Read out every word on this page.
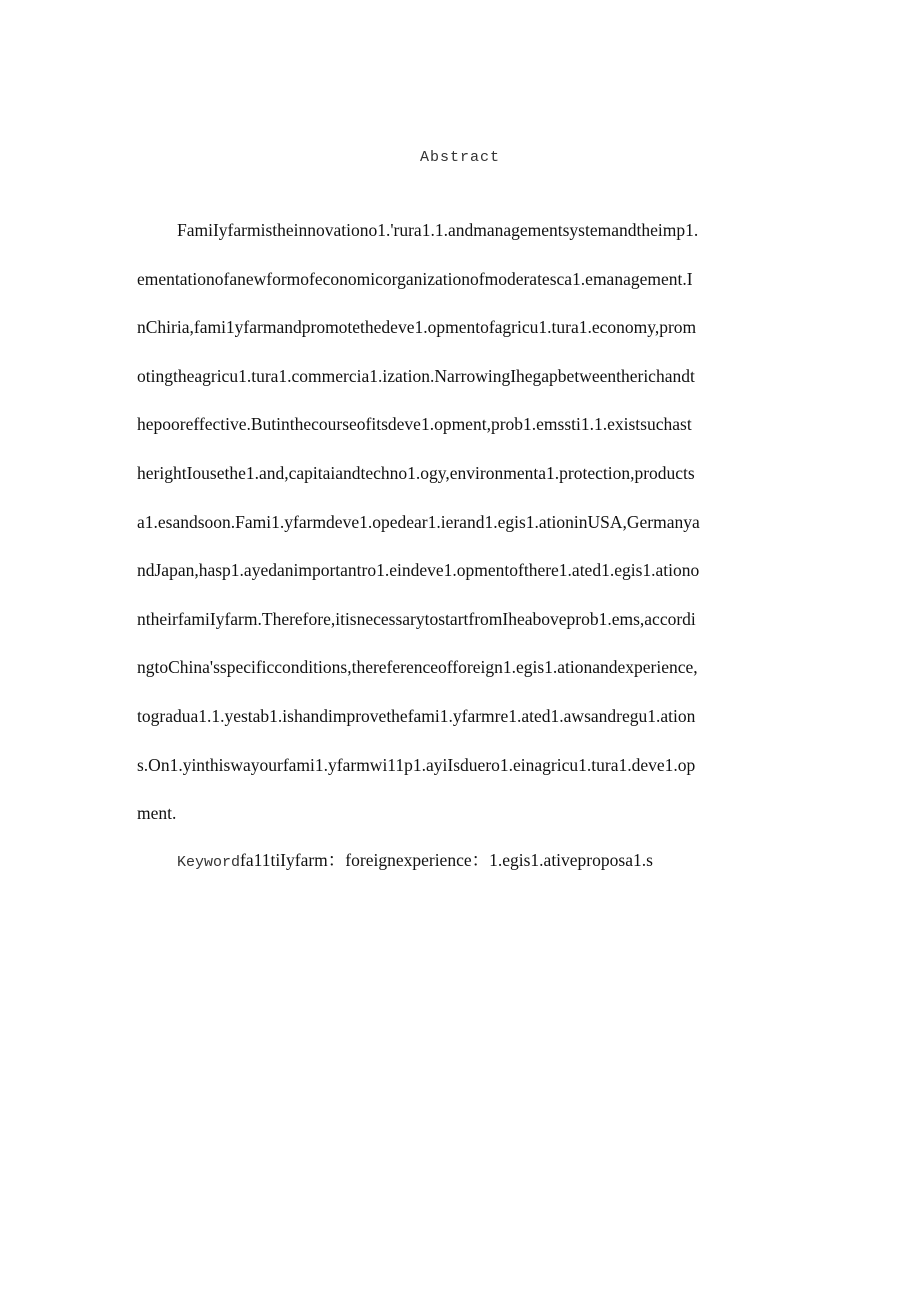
Abstract
FamiIyfarmistheinnovationo1.'rura1.1.andmanagementsystemandtheimp1.
ementationofanewformofeconomicorganizationofmoderatesca1.emanagement.I
nChiria,fami1yfarmandpromotethedeve1.opmentofagricu1.tura1.economy,prom
otingtheagricu1.tura1.commercia1.ization.NarrowingIhegapbetweentherichandt
hepooreffective.Butinthecourseofitsdeve1.opment,prob1.emssti1.1.existsuchast
herightIousethe1.and,capitaiandtechno1.ogy,environmenta1.protection,products
a1.esandsoon.Fami1.yfarmdeve1.opedear1.ierand1.egis1.ationinUSA,Germanya
ndJapan,hasp1.ayedanimportantro1.eindeve1.opmentofthere1.ated1.egis1.ationo
ntheirfamiIyfarm.Therefore,itisnecessarytostartfromIheaboveprob1.ems,accordi
ngtoChina'sspecificconditions,thereferenceofforeign1.egis1.ationandexperience,
togradua1.1.yestab1.ishandimprovethefami1.yfarmre1.ated1.awsandregu1.ation
s.On1.yinthiswayourfami1.yfarmwi11p1.ayiIsduero1.einagricu1.tura1.deve1.op
ment.
Keywordfa11tiIyfarm：foreignexperience：1.egis1.ativeproposa1.s
